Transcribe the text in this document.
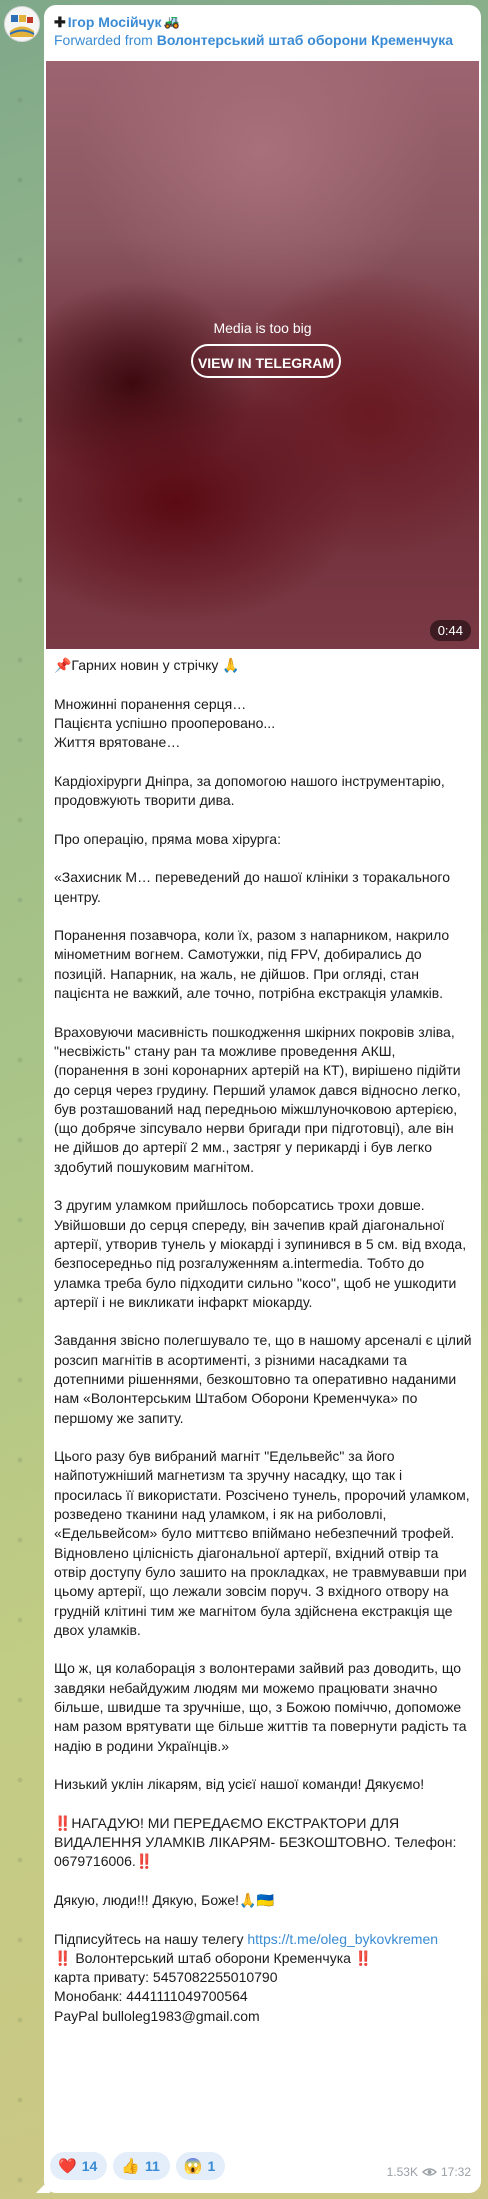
✚ Ігор Мосійчук 🚜
Forwarded from Волонтерський штаб оборони Кременчука
Media is too big
VIEW IN TELEGRAM
0:44

📌Гарних новин у стрічку 🙏

Множинні поранення серця…

Пацієнта успішно прооперовано...

Життя врятоване…

Кардіохірурги Дніпра, за допомогою нашого інструментарію, продовжують творити дива.

Про операцію, пряма мова хірурга:

«Захисник М… переведений до нашої клініки з торакального центру.

Поранення позавчора, коли їх, разом з напарником, накрило мінометним вогнем. Самотужки, під FPV, добирались до позицій. Напарник, на жаль, не дійшов. При огляді, стан пацієнта не важкий, але точно, потрібна екстракція уламків.

Враховуючи масивність пошкодження шкірних покровів зліва, "несвіжість" стану ран та можливе проведення АКШ, (поранення в зоні коронарних артерій на КТ), вирішено підійти до серця через грудину. Перший уламок дався відносно легко, був розташований над передньою міжшлуночковою артерією, (що добряче зіпсувало нерви бригади при підготовці), але він не дійшов до артерії 2 мм., застряг у перикарді і був легко здобутий пошуковим магнітом.

З другим уламком прийшлось поборсатись трохи довше. Увійшовши до серця спереду, він зачепив край діагональної артерії, утворив тунель у міокарді і зупинився в 5 см. від входа, безпосередньо під розгалуженням a.intermedia. Тобто до уламка треба було підходити сильно "косо", щоб не ушкодити артерії і не викликати інфаркт міокарду.

Завдання звісно полегшувало те, що в нашому арсеналі є цілий розсип магнітів в асортименті, з різними насадками та дотепними рішеннями, безкоштовно та оперативно наданими нам «Волонтерським Штабом Оборони Кременчука» по першому же запиту.

Цього разу був вибраний магніт "Едельвейс" за його найпотужніший магнетизм та зручну насадку, що так і просилась її використати. Розсічено тунель, пророчий уламком, розведено тканини над уламком, і як на риболовлі, «Едельвейсом» було миттєво впіймано небезпечний трофей. Відновлено цілісність діагональної артерії, вхідний отвір та отвір доступу було зашито на прокладках, не травмувавши при цьому артерії, що лежали зовсім поруч. З вхідного отвору на грудній клітині тим же магнітом була здійснена екстракція ще двох уламків.

Що ж, ця колаборація з волонтерами зайвий раз доводить, що завдяки небайдужим людям ми можемо працювати значно більше, швидше та зручніше, що, з Божою поміччю, допоможе нам разом врятувати ще більше життів та повернути радість та надію в родини Українців.»

Низький уклін лікарям, від усієї нашої команди! Дякуємо!

‼️НАГАДУЮ! МИ ПЕРЕДАЄМО ЕКСТРАКТОРИ ДЛЯ ВИДАЛЕННЯ УЛАМКІВ ЛІКАРЯМ- БЕЗКОШТОВНО. Телефон: 0679716006.‼️

Дякую, люди!!! Дякую, Боже!🙏🇺🇦

Підписуйтесь на нашу телегу https://t.me/oleg_bykovkremen

‼️ Волонтерський штаб оборони Кременчука ‼️

карта привату: 5457082255010790

Монобанк: 4441111049700564

PayPal bulloleg1983@gmail.com

❤️ 14 👍 11 😱 1	1.53K 17:32
